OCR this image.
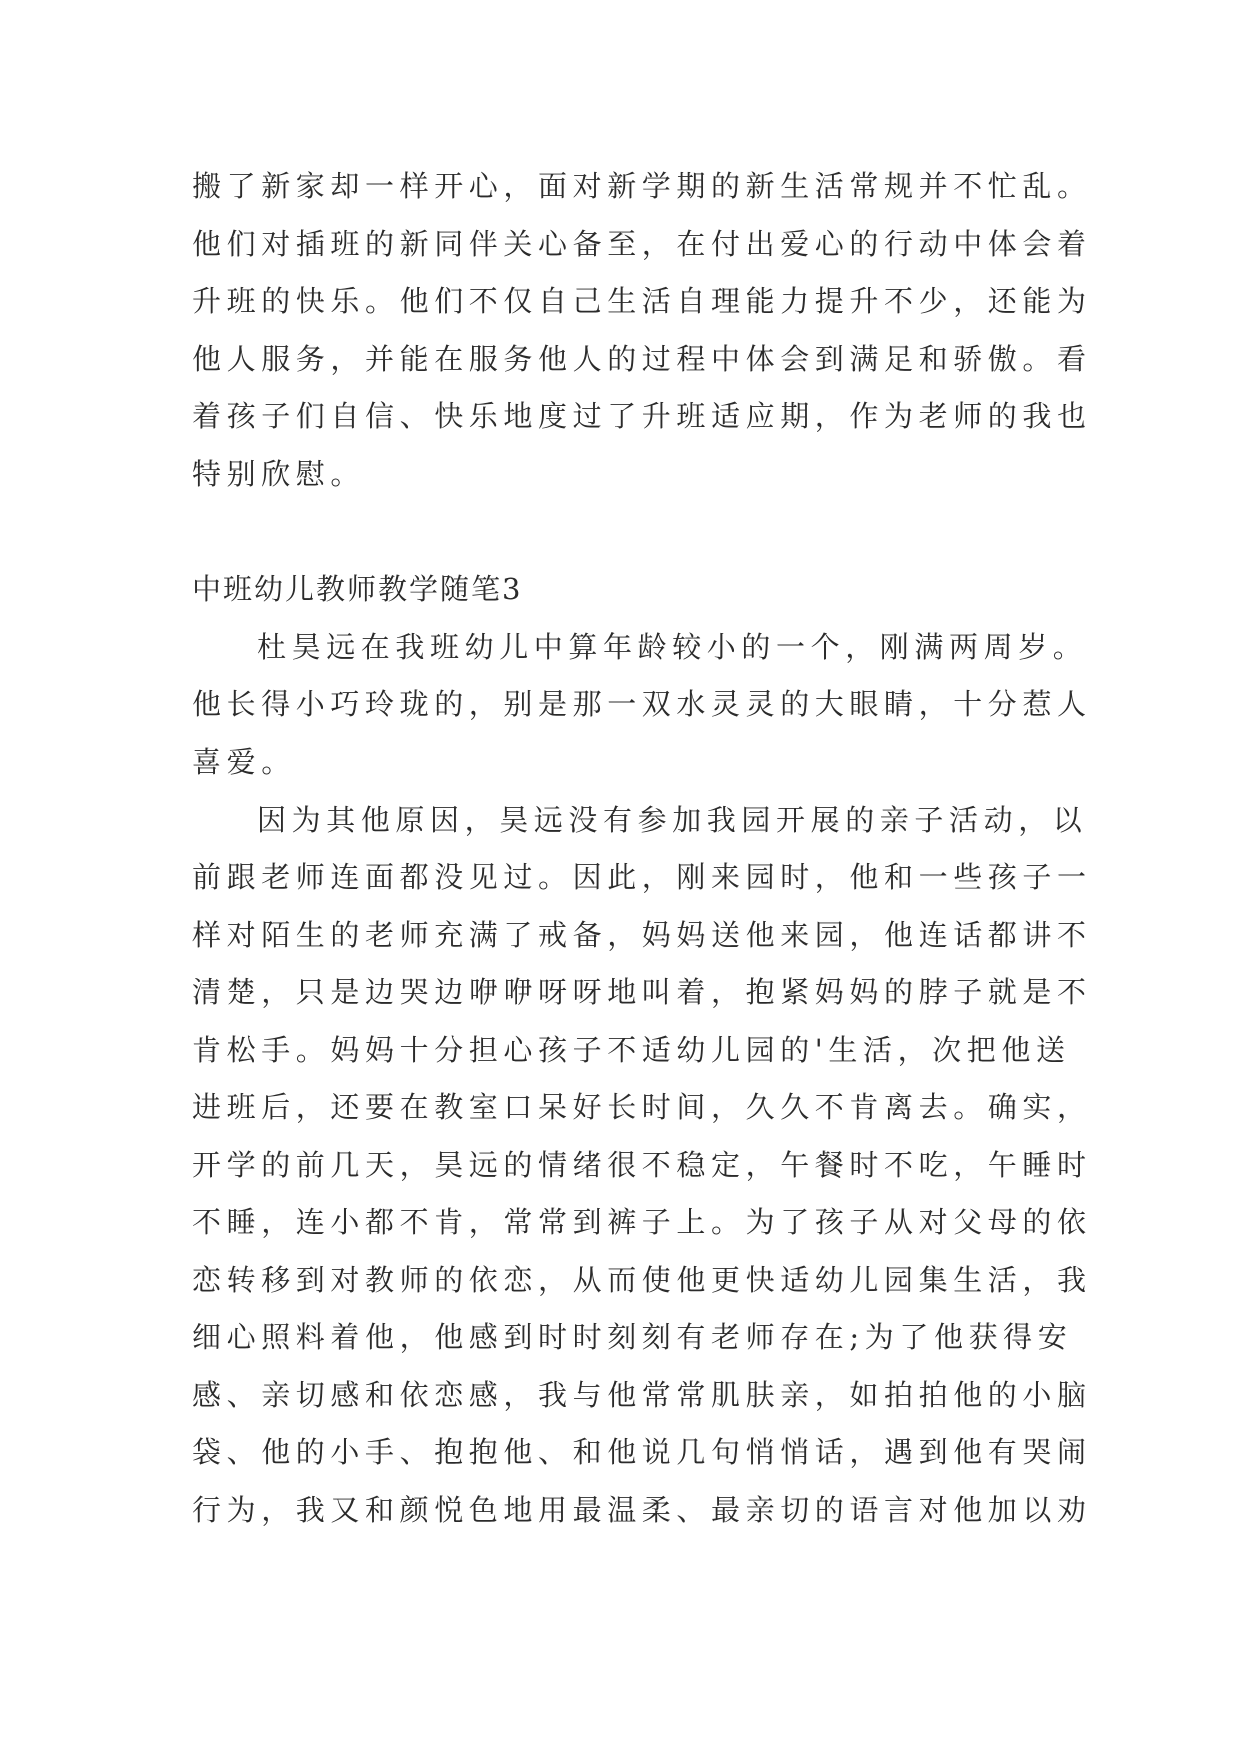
搬了新家却一样开心，面对新学期的新生活常规并不忙乱。

他们对插班的新同伴关心备至，在付出爱心的行动中体会着

升班的快乐。他们不仅自己生活自理能力提升不少，还能为

他人服务，并能在服务他人的过程中体会到满足和骄傲。看

着孩子们自信、快乐地度过了升班适应期，作为老师的我也

特别欣慰。

中班幼儿教师教学随笔3

杜昊远在我班幼儿中算年龄较小的一个，刚满两周岁。

他长得小巧玲珑的，别是那一双水灵灵的大眼睛，十分惹人

喜爱。

因为其他原因，昊远没有参加我园开展的亲子活动，以

前跟老师连面都没见过。因此，刚来园时，他和一些孩子一

样对陌生的老师充满了戒备，妈妈送他来园，他连话都讲不

清楚，只是边哭边咿咿呀呀地叫着，抱紧妈妈的脖子就是不

肯松手。妈妈十分担心孩子不适幼儿园的'生活，次把他送

进班后，还要在教室口呆好长时间，久久不肯离去。确实，

开学的前几天，昊远的情绪很不稳定，午餐时不吃，午睡时

不睡，连小都不肯，常常到裤子上。为了孩子从对父母的依

恋转移到对教师的依恋，从而使他更快适幼儿园集生活，我

细心照料着他，他感到时时刻刻有老师存在;为了他获得安

感、亲切感和依恋感，我与他常常肌肤亲，如拍拍他的小脑

袋、他的小手、抱抱他、和他说几句悄悄话，遇到他有哭闹

行为，我又和颜悦色地用最温柔、最亲切的语言对他加以劝
